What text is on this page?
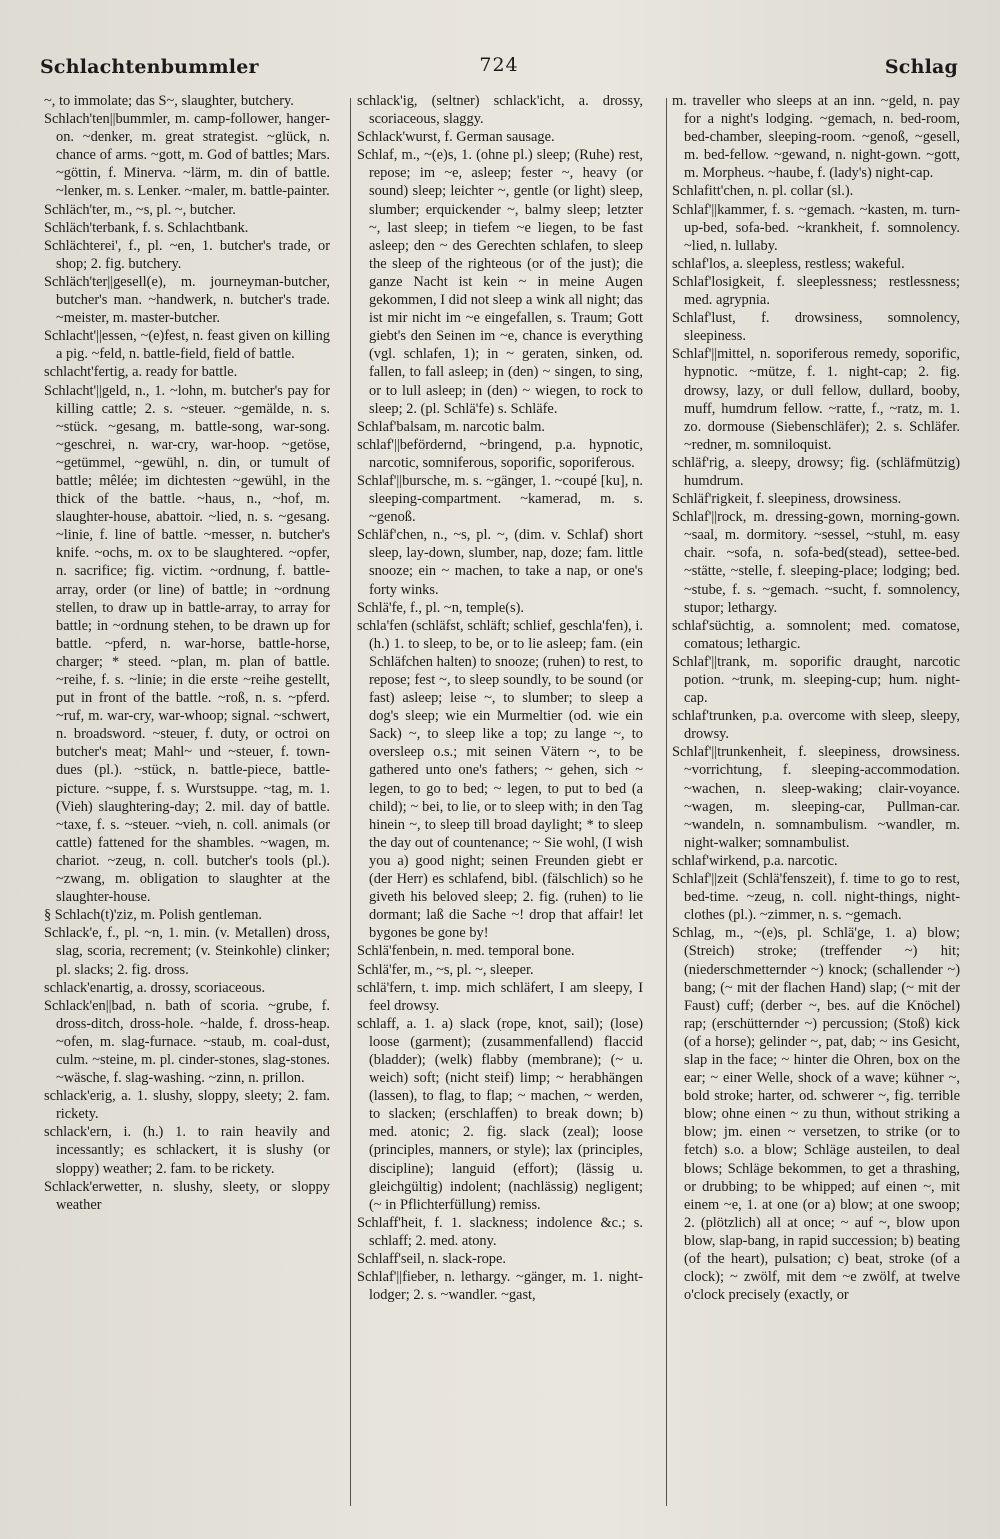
Schlachtenbummler	724	Schlag

~, to immolate; das S~, slaughter, butchery.

Schlach'ten||bummler, m. camp-follower, hanger-on. ~denker, m. great strategist. ~glück, n. chance of arms. ~gott, m. God of battles; Mars. ~göttin, f. Minerva. ~lärm, m. din of battle. ~lenker, m. s. Lenker. ~maler, m. battle-painter.

Schläch'ter, m., ~s, pl. ~, butcher.

Schläch'terbank, f. s. Schlachtbank.

Schlächterei', f., pl. ~en, 1. butcher's trade, or shop; 2. fig. butchery.

Schläch'ter||gesell(e), m. journeyman-butcher, butcher's man. ~handwerk, n. butcher's trade. ~meister, m. master-butcher.

Schlacht'||essen, ~(e)fest, n. feast given on killing a pig. ~feld, n. battle-field, field of battle.

schlacht'fertig, a. ready for battle.

Schlacht'||geld, n., 1. ~lohn, m. butcher's pay for killing cattle; 2. s. ~steuer. ~gemälde, n. s. ~stück. ~gesang, m. battle-song, war-song. ~geschrei, n. war-cry, war-hoop. ~getöse, ~getümmel, ~gewühl, n. din, or tumult of battle; mêlée; im dichtesten ~gewühl, in the thick of the battle. ~haus, n., ~hof, m. slaughter-house, abattoir. ~lied, n. s. ~gesang. ~linie, f. line of battle. ~messer, n. butcher's knife. ~ochs, m. ox to be slaughtered. ~opfer, n. sacrifice; fig. victim. ~ordnung, f. battle-array, order (or line) of battle; in ~ordnung stellen, to draw up in battle-array, to array for battle; in ~ordnung stehen, to be drawn up for battle. ~pferd, n. war-horse, battle-horse, charger; * steed. ~plan, m. plan of battle. ~reihe, f. s. ~linie; in die erste ~reihe gestellt, put in front of the battle. ~roß, n. s. ~pferd. ~ruf, m. war-cry, war-whoop; signal. ~schwert, n. broadsword. ~steuer, f. duty, or octroi on butcher's meat; Mahl~ und ~steuer, f. town-dues (pl.). ~stück, n. battle-piece, battle-picture. ~suppe, f. s. Wurstsuppe. ~tag, m. 1. (Vieh) slaughtering-day; 2. mil. day of battle. ~taxe, f. s. ~steuer. ~vieh, n. coll. animals (or cattle) fattened for the shambles. ~wagen, m. chariot. ~zeug, n. coll. butcher's tools (pl.). ~zwang, m. obligation to slaughter at the slaughter-house.

§ Schlach(t)'ziz, m. Polish gentleman.

Schlack'e, f., pl. ~n, 1. min. (v. Metallen) dross, slag, scoria, recrement; (v. Steinkohle) clinker; pl. slacks; 2. fig. dross.

schlack'enartig, a. drossy, scoriaceous.

Schlack'en||bad, n. bath of scoria. ~grube, f. dross-ditch, dross-hole. ~halde, f. dross-heap. ~ofen, m. slag-furnace. ~staub, m. coal-dust, culm. ~steine, m. pl. cinder-stones, slag-stones. ~wäsche, f. slag-washing. ~zinn, n. prillon.

schlack'erig, a. 1. slushy, sloppy, sleety; 2. fam. rickety.

schlack'ern, i. (h.) 1. to rain heavily and incessantly; es schlackert, it is slushy (or sloppy) weather; 2. fam. to be rickety.

Schlack'erwetter, n. slushy, sleety, or sloppy weather

schlack'ig, (seltner) schlack'icht, a. drossy, scoriaceous, slaggy.

Schlack'wurst, f. German sausage.

Schlaf, m., ~(e)s, 1. (ohne pl.) sleep; (Ruhe) rest, repose; im ~e, asleep; fester ~, heavy (or sound) sleep; leichter ~, gentle (or light) sleep, slumber; erquickender ~, balmy sleep; letzter ~, last sleep; in tiefem ~e liegen, to be fast asleep; den ~ des Gerechten schlafen, to sleep the sleep of the righteous (or of the just); die ganze Nacht ist kein ~ in meine Augen gekommen, I did not sleep a wink all night; das ist mir nicht im ~e eingefallen, s. Traum; Gott giebt's den Seinen im ~e, chance is everything (vgl. schlafen, 1); in ~ geraten, sinken, od. fallen, to fall asleep; in (den) ~ singen, to sing, or to lull asleep; in (den) ~ wiegen, to rock to sleep; 2. (pl. Schlä'fe) s. Schläfe.

Schlaf'balsam, m. narcotic balm.

schlaf'||befördernd, ~bringend, p.a. hypnotic, narcotic, somniferous, soporific, soporiferous.

Schlaf'||bursche, m. s. ~gänger, 1. ~coupé [ku], n. sleeping-compartment. ~kamerad, m. s. ~genoß.

Schläf'chen, n., ~s, pl. ~, (dim. v. Schlaf) short sleep, lay-down, slumber, nap, doze; fam. little snooze; ein ~ machen, to take a nap, or one's forty winks.

Schlä'fe, f., pl. ~n, temple(s).

schla'fen (schläfst, schläft; schlief, geschla'fen), i. (h.) 1. to sleep, to be, or to lie asleep; fam. (ein Schläfchen halten) to snooze; (ruhen) to rest, to repose; fest ~, to sleep soundly, to be sound (or fast) asleep; leise ~, to slumber; to sleep a dog's sleep; wie ein Murmeltier (od. wie ein Sack) ~, to sleep like a top; zu lange ~, to oversleep o.s.; mit seinen Vätern ~, to be gathered unto one's fathers; ~ gehen, sich ~ legen, to go to bed; ~ legen, to put to bed (a child); ~ bei, to lie, or to sleep with; in den Tag hinein ~, to sleep till broad daylight; * to sleep the day out of countenance; ~ Sie wohl, (I wish you a) good night; seinen Freunden giebt er (der Herr) es schlafend, bibl. (fälschlich) so he giveth his beloved sleep; 2. fig. (ruhen) to lie dormant; laß die Sache ~! drop that affair! let bygones be gone by!

Schlä'fenbein, n. med. temporal bone.

Schlä'fer, m., ~s, pl. ~, sleeper.

schlä'fern, t. imp. mich schläfert, I am sleepy, I feel drowsy.

schlaff, a. 1. a) slack (rope, knot, sail); (lose) loose (garment); (zusammenfallend) flaccid (bladder); (welk) flabby (membrane); (~ u. weich) soft; (nicht steif) limp; ~ herabhängen (lassen), to flag, to flap; ~ machen, ~ werden, to slacken; (erschlaffen) to break down; b) med. atonic; 2. fig. slack (zeal); loose (principles, manners, or style); lax (principles, discipline); languid (effort); (lässig u. gleichgültig) indolent; (nachlässig) negligent; (~ in Pflichterfüllung) remiss.

Schlaff'heit, f. 1. slackness; indolence &c.; s. schlaff; 2. med. atony.

Schlaff'seil, n. slack-rope.

Schlaf'||fieber, n. lethargy. ~gänger, m. 1. night-lodger; 2. s. ~wandler. ~gast,

m. traveller who sleeps at an inn. ~geld, n. pay for a night's lodging. ~gemach, n. bed-room, bed-chamber, sleeping-room. ~genoß, ~gesell, m. bed-fellow. ~gewand, n. night-gown. ~gott, m. Morpheus. ~haube, f. (lady's) night-cap.

Schlafitt'chen, n. pl. collar (sl.).

Schlaf'||kammer, f. s. ~gemach. ~kasten, m. turn-up-bed, sofa-bed. ~krankheit, f. somnolency. ~lied, n. lullaby.

schlaf'los, a. sleepless, restless; wakeful.

Schlaf'losigkeit, f. sleeplessness; restlessness; med. agrypnia.

Schlaf'lust, f. drowsiness, somnolency, sleepiness.

Schlaf'||mittel, n. soporiferous remedy, soporific, hypnotic. ~mütze, f. 1. night-cap; 2. fig. drowsy, lazy, or dull fellow, dullard, booby, muff, humdrum fellow. ~ratte, f., ~ratz, m. 1. zo. dormouse (Siebenschläfer); 2. s. Schläfer. ~redner, m. somniloquist.

schläf'rig, a. sleepy, drowsy; fig. (schläfmützig) humdrum.

Schläf'rigkeit, f. sleepiness, drowsiness.

Schlaf'||rock, m. dressing-gown, morning-gown. ~saal, m. dormitory. ~sessel, ~stuhl, m. easy chair. ~sofa, n. sofa-bed(stead), settee-bed. ~stätte, ~stelle, f. sleeping-place; lodging; bed. ~stube, f. s. ~gemach. ~sucht, f. somnolency, stupor; lethargy.

schlaf'süchtig, a. somnolent; med. comatose, comatous; lethargic.

Schlaf'||trank, m. soporific draught, narcotic potion. ~trunk, m. sleeping-cup; hum. night-cap.

schlaf'trunken, p.a. overcome with sleep, sleepy, drowsy.

Schlaf'||trunkenheit, f. sleepiness, drowsiness. ~vorrichtung, f. sleeping-accommodation. ~wachen, n. sleep-waking; clair-voyance. ~wagen, m. sleeping-car, Pullman-car. ~wandeln, n. somnambulism. ~wandler, m. night-walker; somnambulist.

schlaf'wirkend, p.a. narcotic.

Schlaf'||zeit (Schlä'fenszeit), f. time to go to rest, bed-time. ~zeug, n. coll. night-things, night-clothes (pl.). ~zimmer, n. s. ~gemach.

Schlag, m., ~(e)s, pl. Schlä'ge, 1. a) blow; (Streich) stroke; (treffender ~) hit; (niederschmetternder ~) knock; (schallender ~) bang; (~ mit der flachen Hand) slap; (~ mit der Faust) cuff; (derber ~, bes. auf die Knöchel) rap; (erschütternder ~) percussion; (Stoß) kick (of a horse); gelinder ~, pat, dab; ~ ins Gesicht, slap in the face; ~ hinter die Ohren, box on the ear; ~ einer Welle, shock of a wave; kühner ~, bold stroke; harter, od. schwerer ~, fig. terrible blow; ohne einen ~ zu thun, without striking a blow; jm. einen ~ versetzen, to strike (or to fetch) s.o. a blow; Schläge austeilen, to deal blows; Schläge bekommen, to get a thrashing, or drubbing; to be whipped; auf einen ~, mit einem ~e, 1. at one (or a) blow; at one swoop; 2. (plötzlich) all at once; ~ auf ~, blow upon blow, slap-bang, in rapid succession; b) beating (of the heart), pulsation; c) beat, stroke (of a clock); ~ zwölf, mit dem ~e zwölf, at twelve o'clock precisely (exactly, or
